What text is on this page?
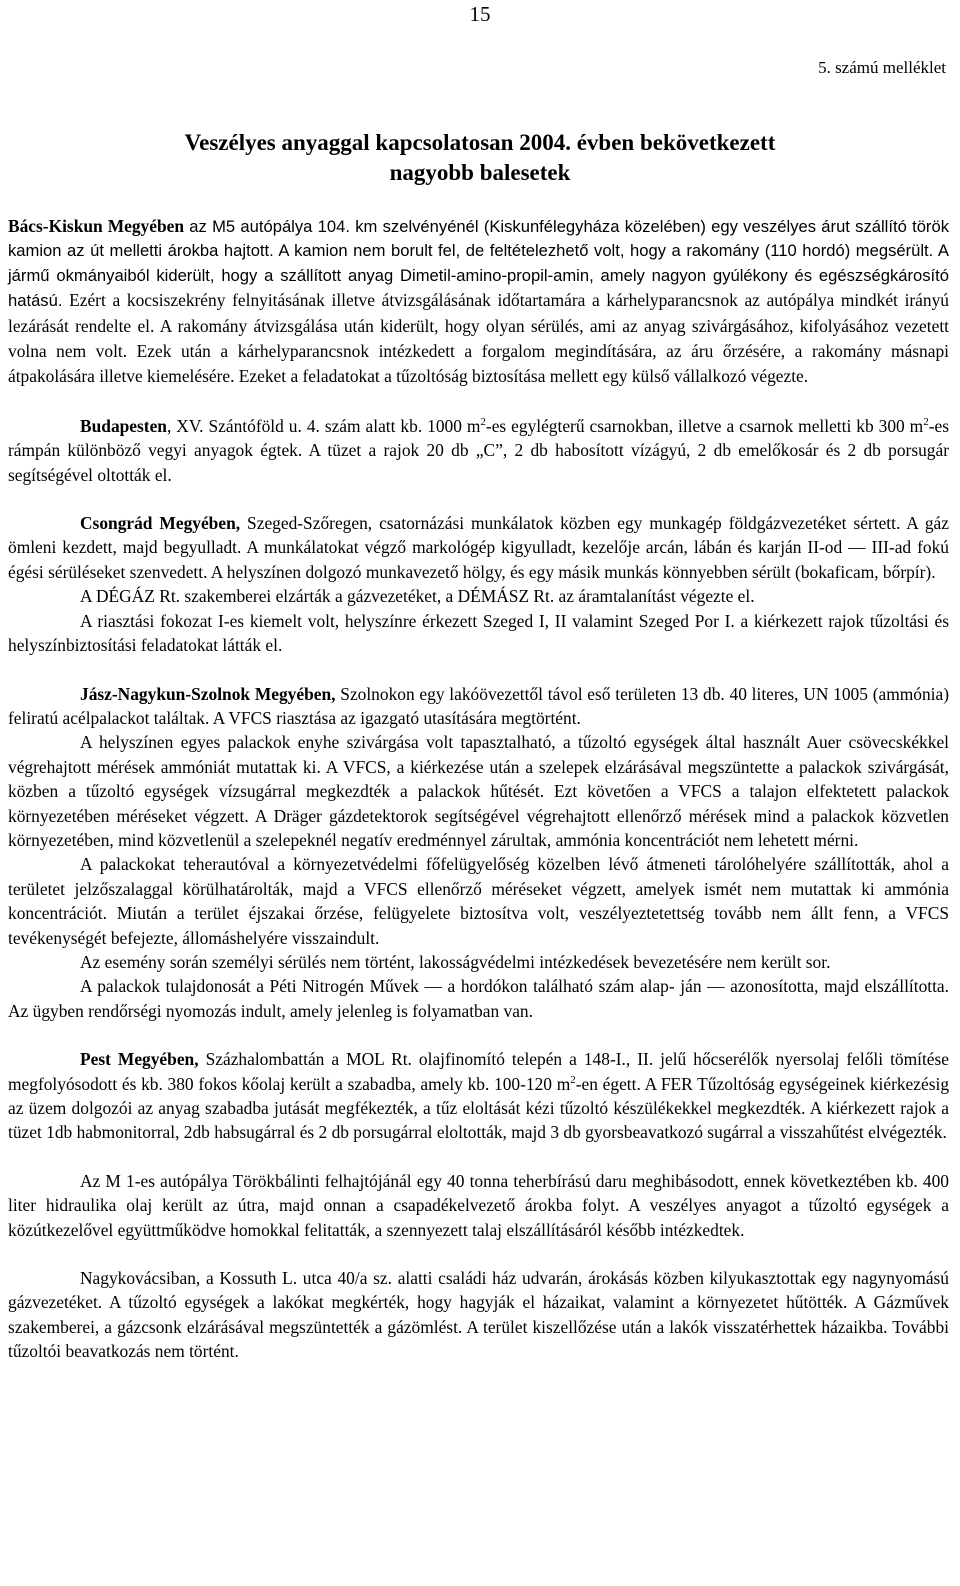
15
5. számú melléklet
Veszélyes anyaggal kapcsolatosan 2004. évben bekövetkezett
nagyobb balesetek

Bács-Kiskun Megyében az M5 autópálya 104. km szelvényénél (Kiskunfélegyháza közelében) egy veszélyes árut szállító török kamion az út melletti árokba hajtott. A kamion nem borult fel, de feltételezhető volt, hogy a rakomány (110 hordó) megsérült. A jármű okmányaiból kiderült, hogy a szállított anyag Dimetil-amino-propil-amin, amely nagyon gyúlékony és egészségkárosító hatású. Ezért a kocsiszekrény felnyitásának illetve átvizsgálásának időtartamára a kárhelyparancsnok az autópálya mindkét irányú lezárását rendelte el. A rakomány átvizsgálása után kiderült, hogy olyan sérülés, ami az anyag szivárgásához, kifolyásához vezetett volna nem volt. Ezek után a kárhelyparancsnok intézkedett a forgalom megindítására, az áru őrzésére, a rakomány másnapi átpakolására illetve kiemelésére. Ezeket a feladatokat a tűzoltóság biztosítása mellett egy külső vállalkozó végezte.

Budapesten, XV. Szántóföld u. 4. szám alatt kb. 1000 $m^2-es$ egylégterű csarnokban, illetve a csarnok melletti kb 300 $m^2-es$ rámpán különböző vegyi anyagok égtek. A tüzet a rajok 20 db „C”, 2 db habosított vízágyú, 2 db emelőkosár és 2 db porsugár segítségével oltották el.

Csongrád Megyében, Szeged-Szőregen, csatornázási munkálatok közben egy munkagép földgázvezetéket sértett. A gáz ömleni kezdett, majd begyulladt. A munkálatokat végző markológép kigyulladt, kezelője arcán, lábán és karján II-od — III-ad fokú égési sérüléseket szenvedett. A helyszínen dolgozó munkavezető hölgy, és egy másik munkás könnyebben sérült (bokaficam, bőrpír).

A DÉGÁZ Rt. szakemberei elzárták a gázvezetéket, a DÉMÁSZ Rt. az áramtalanítást végezte el.

A riasztási fokozat I-es kiemelt volt, helyszínre érkezett Szeged I, II valamint Szeged Por I. a kiérkezett rajok tűzoltási és helyszínbiztosítási feladatokat látták el.

Jász-Nagykun-Szolnok Megyében, Szolnokon egy lakóövezettől távol eső területen 13 db. 40 literes, UN 1005 (ammónia) feliratú acélpalackot találtak. A VFCS riasztása az igazgató utasítására megtörtént.

A helyszínen egyes palackok enyhe szivárgása volt tapasztalható, a tűzoltó egységek által használt Auer csövecskékkel végrehajtott mérések ammóniát mutattak ki. A VFCS, a kiérkezése után a szelepek elzárásával megszüntette a palackok szivárgását, közben a tűzoltó egységek vízsugárral megkezdték a palackok hűtését. Ezt követően a VFCS a talajon elfektetett palackok környezetében méréseket végzett. A Dräger gázdetektorok segítségével végrehajtott ellenőrző mérések mind a palackok közvetlen környezetében, mind közvetlenül a szelepeknél negatív eredménnyel zárultak, ammónia koncentrációt nem lehetett mérni.

A palackokat teherautóval a környezetvédelmi főfelügyelőség közelben lévő átmeneti tárolóhelyére szállították, ahol a területet jelzőszalaggal körülhatárolták, majd a VFCS ellenőrző méréseket végzett, amelyek ismét nem mutattak ki ammónia koncentrációt. Miután a terület éjszakai őrzése, felügyelete biztosítva volt, veszélyeztetettség tovább nem állt fenn, a VFCS tevékenységét befejezte, állomáshelyére visszaindult.

Az esemény során személyi sérülés nem történt, lakosságvédelmi intézkedések bevezetésére nem került sor.

A palackok tulajdonosát a Péti Nitrogén Művek — a hordókon található szám alap- ján — azonosította, majd elszállította. Az ügyben rendőrségi nyomozás indult, amely jelenleg is folyamatban van.

Pest Megyében, Százhalombattán a MOL Rt. olajfinomító telepén a 148-I., II. jelű hőcserélők nyersolaj felőli tömítése megfolyósodott és kb. 380 fokos kőolaj került a szabadba, amely kb. 100-120 $m^2-en$ égett. A FER Tűzoltóság egységeinek kiérkezésig az üzem dolgozói az anyag szabadba jutását megfékezték, a tűz eloltását kézi tűzoltó készülékekkel megkezdték. A kiérkezett rajok a tüzet 1db habmonitorral, 2db habsugárral és 2 db porsugárral eloltották, majd 3 db gyorsbeavatkozó sugárral a visszahűtést elvégezték.

Az M 1-es autópálya Törökbálinti felhajtójánál egy 40 tonna teherbírású daru meghibásodott, ennek következtében kb. 400 liter hidraulika olaj került az útra, majd onnan a csapadékelvezető árokba folyt. A veszélyes anyagot a tűzoltó egységek a közútkezelővel együttműködve homokkal felitatták, a szennyezett talaj elszállításáról később intézkedtek.

Nagykovácsiban, a Kossuth L. utca 40/a sz. alatti családi ház udvarán, árokásás közben kilyukasztottak egy nagynyomású gázvezetéket. A tűzoltó egységek a lakókat megkérték, hogy hagyják el házaikat, valamint a környezetet hűtötték. A Gázművek szakemberei, a gázcsonk elzárásával megszüntették a gázömlést. A terület kiszellőzése után a lakók visszatérhettek házaikba. További tűzoltói beavatkozás nem történt.
